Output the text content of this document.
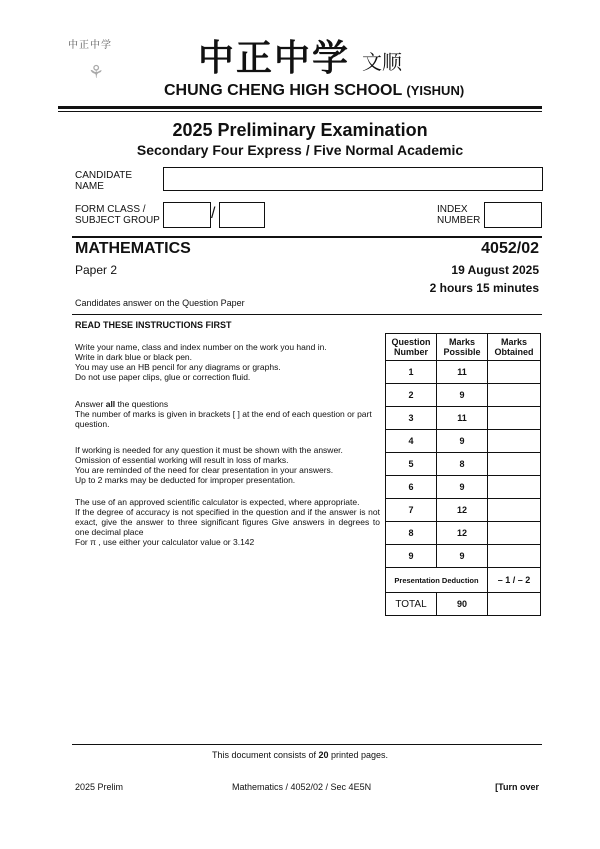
中正中学
⚘	中正中学 文顺
CHUNG CHENG HIGH SCHOOL (YISHUN)
2025 Preliminary Examination
Secondary Four Express / Five Normal Academic
CANDIDATE
NAME
FORM CLASS /
SUBJECT GROUP	/	INDEX
NUMBER
MATHEMATICS	4052/02
Paper 2	19 August 2025
2 hours 15 minutes
Candidates answer on the Question Paper
READ THESE INSTRUCTIONS FIRST

Write your name, class and index number on the work you hand in.

Write in dark blue or black pen.

You may use an HB pencil for any diagrams or graphs.

Do not use paper clips, glue or correction fluid.

Answer all the questions

The number of marks is given in brackets [ ] at the end of each question or part question.

If working is needed for any question it must be shown with the answer.

Omission of essential working will result in loss of marks.

You are reminded of the need for clear presentation in your answers.

Up to 2 marks may be deducted for improper presentation.

The use of an approved scientific calculator is expected, where appropriate.

If the degree of accuracy is not specified in the question and if the answer is not exact, give the answer to three significant figures Give answers in degrees to one decimal place

For π , use either your calculator value or 3.142

Question Number	Marks Possible	Marks Obtained
1	11	
2	9	
3	11	
4	9	
5	8	
6	9	
7	12	
8	12	
9	9	
Presentation Deduction		– 1 / – 2
TOTAL	90	
This document consists of 20 printed pages.
2025 Prelim	Mathematics / 4052/02 / Sec 4E5N	[Turn over
